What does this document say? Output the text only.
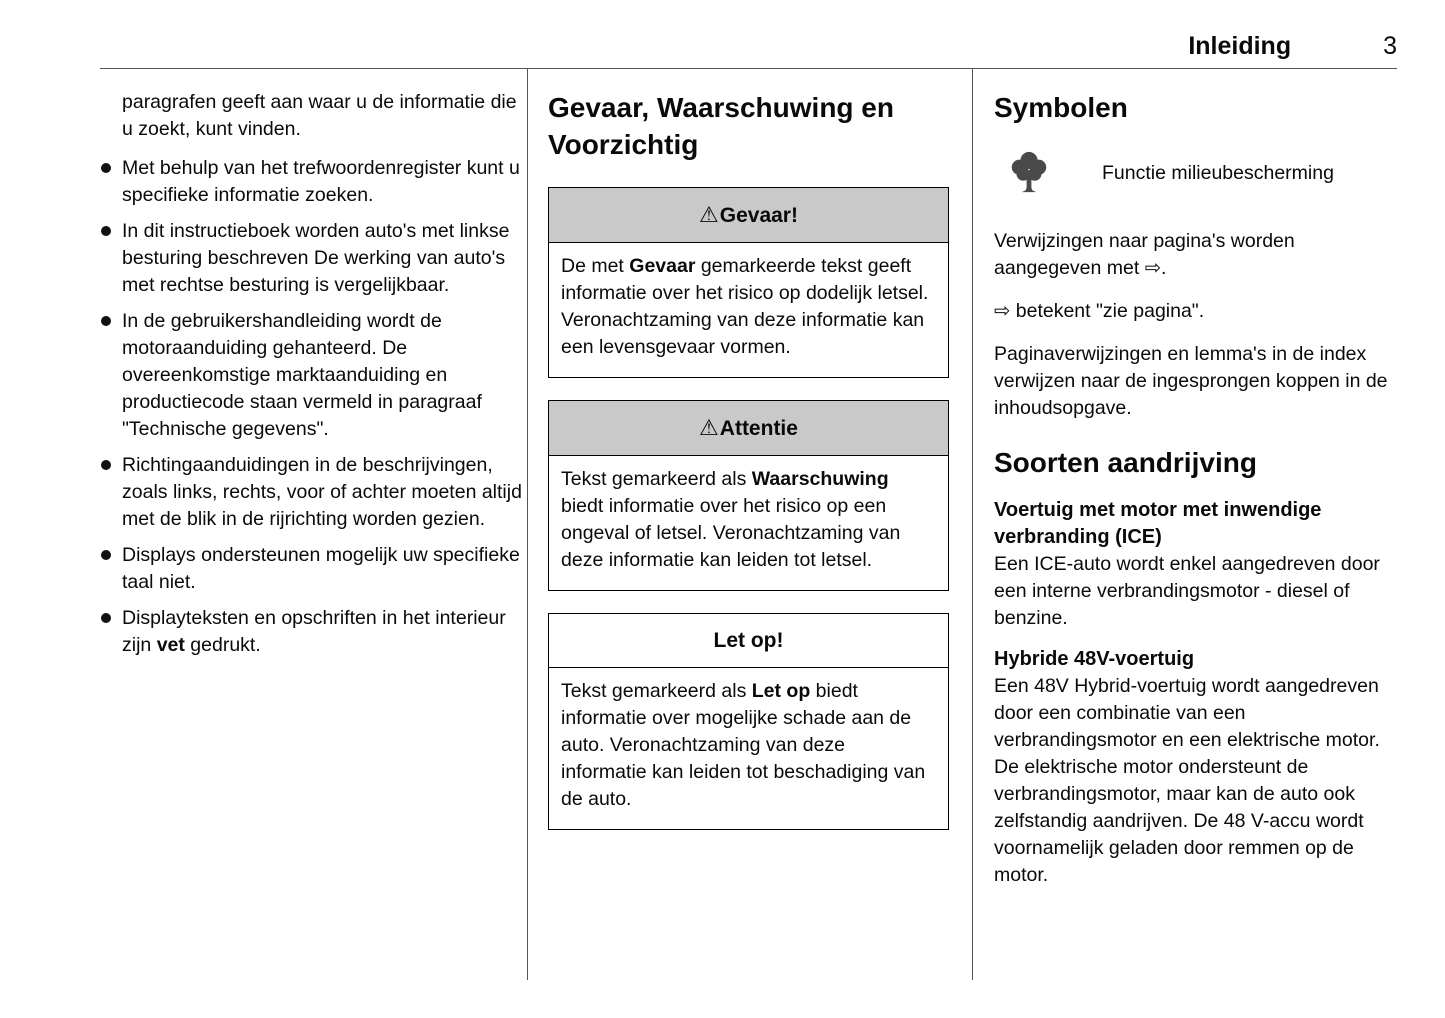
Inleiding	3

paragrafen geeft aan waar u de informatie die u zoekt, kunt vinden.

Met behulp van het trefwoordenregister kunt u specifieke informatie zoeken.
In dit instructieboek worden auto's met linkse besturing beschreven De werking van auto's met rechtse besturing is vergelijkbaar.
In de gebruikershandleiding wordt de motoraanduiding gehanteerd. De overeenkomstige marktaanduiding en productiecode staan vermeld in paragraaf "Technische gegevens".
Richtingaanduidingen in de beschrijvingen, zoals links, rechts, voor of achter moeten altijd met de blik in de rijrichting worden gezien.
Displays ondersteunen mogelijk uw specifieke taal niet.
Displayteksten en opschriften in het interieur zijn vet gedrukt.
Gevaar, Waarschuwing en Voorzichtig
⚠Gevaar!
De met Gevaar gemarkeerde tekst geeft informatie over het risico op dodelijk letsel. Veronachtzaming van deze informatie kan een levensgevaar vormen.
⚠Attentie
Tekst gemarkeerd als Waarschuwing biedt informatie over het risico op een ongeval of letsel. Veronachtzaming van deze informatie kan leiden tot letsel.
Let op!
Tekst gemarkeerd als Let op biedt informatie over mogelijke schade aan de auto. Veronachtzaming van deze informatie kan leiden tot beschadiging van de auto.
Symbolen
Functie milieubescherming

Verwijzingen naar pagina's worden aangegeven met ⇨.

⇨ betekent "zie pagina".

Paginaverwijzingen en lemma's in de index verwijzen naar de ingesprongen koppen in de inhoudsopgave.

Soorten aandrijving
Voertuig met motor met inwendige verbranding (ICE)

Een ICE-auto wordt enkel aangedreven door een interne verbrandingsmotor - diesel of benzine.

Hybride 48V-voertuig

Een 48V Hybrid-voertuig wordt aangedreven door een combinatie van een verbrandingsmotor en een elektrische motor. De elektrische motor ondersteunt de verbrandingsmotor, maar kan de auto ook zelfstandig aandrijven. De 48 V-accu wordt voornamelijk geladen door remmen op de motor.
